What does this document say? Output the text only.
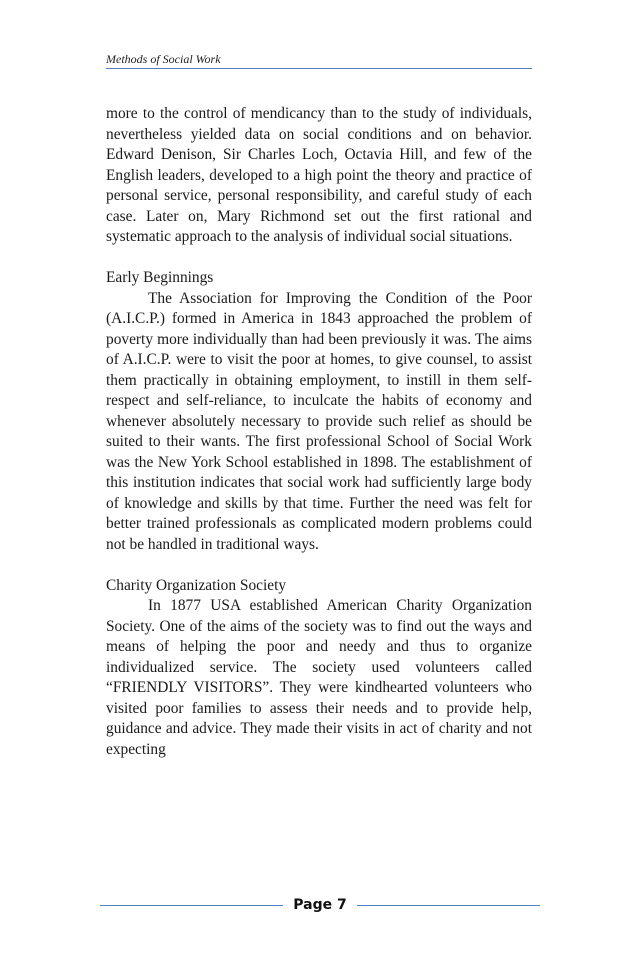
Methods of Social Work

more to the control of mendicancy than to the study of individuals, nevertheless yielded data on social conditions and on behavior. Edward Denison, Sir Charles Loch, Octavia Hill, and few of the English leaders, developed to a high point the theory and practice of personal service, personal responsibility, and careful study of each case. Later on, Mary Richmond set out the first rational and systematic approach to the analysis of individual social situations.

Early Beginnings

The Association for Improving the Condition of the Poor (A.I.C.P.) formed in America in 1843 approached the problem of poverty more individually than had been previously it was. The aims of A.I.C.P. were to visit the poor at homes, to give counsel, to assist them practically in obtaining employment, to instill in them self-respect and self-reliance, to inculcate the habits of economy and whenever absolutely necessary to provide such relief as should be suited to their wants. The first professional School of Social Work was the New York School established in 1898. The establishment of this institution indicates that social work had sufficiently large body of knowledge and skills by that time. Further the need was felt for better trained professionals as complicated modern problems could not be handled in traditional ways.

Charity Organization Society

In 1877 USA established American Charity Organization Society. One of the aims of the society was to find out the ways and means of helping the poor and needy and thus to organize individualized service. The society used volunteers called “FRIENDLY VISITORS”. They were kindhearted volunteers who visited poor families to assess their needs and to provide help, guidance and advice. They made their visits in act of charity and not expecting

Page 7
